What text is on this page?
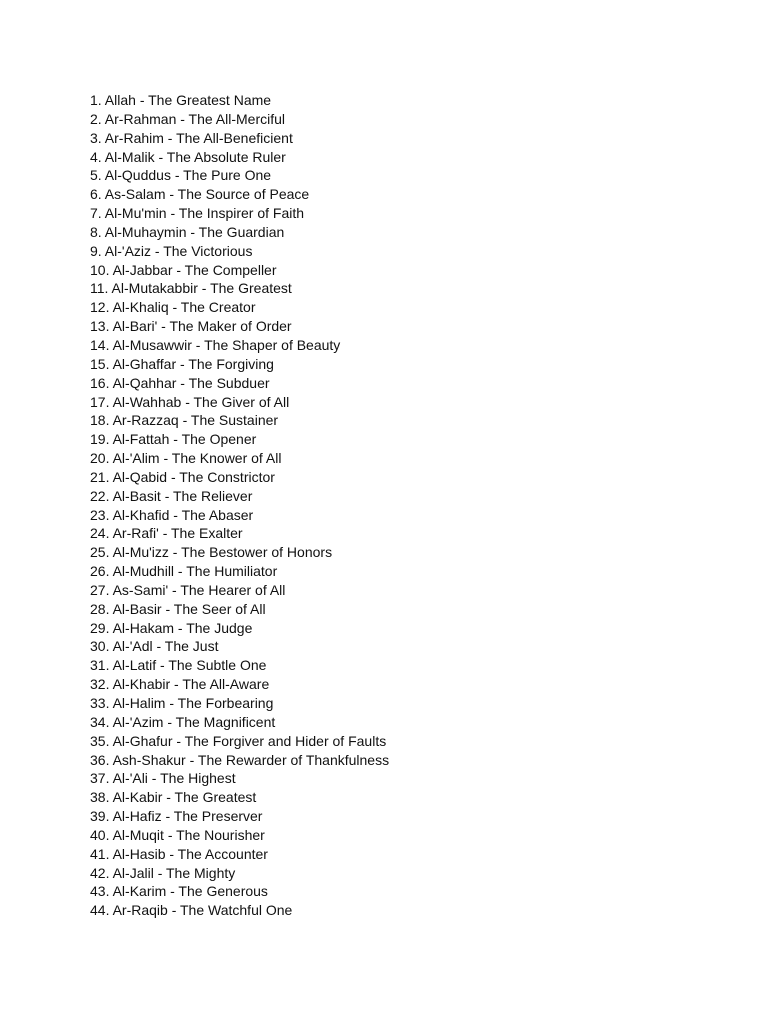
1. Allah - The Greatest Name
2. Ar-Rahman - The All-Merciful
3. Ar-Rahim - The All-Beneficient
4. Al-Malik - The Absolute Ruler
5. Al-Quddus - The Pure One
6. As-Salam - The Source of Peace
7. Al-Mu'min - The Inspirer of Faith
8. Al-Muhaymin - The Guardian
9. Al-'Aziz - The Victorious
10. Al-Jabbar - The Compeller
11. Al-Mutakabbir - The Greatest
12. Al-Khaliq - The Creator
13. Al-Bari' - The Maker of Order
14. Al-Musawwir - The Shaper of Beauty
15. Al-Ghaffar - The Forgiving
16. Al-Qahhar - The Subduer
17. Al-Wahhab - The Giver of All
18. Ar-Razzaq - The Sustainer
19. Al-Fattah - The Opener
20. Al-'Alim - The Knower of All
21. Al-Qabid - The Constrictor
22. Al-Basit - The Reliever
23. Al-Khafid - The Abaser
24. Ar-Rafi' - The Exalter
25. Al-Mu'izz - The Bestower of Honors
26. Al-Mudhill - The Humiliator
27. As-Sami' - The Hearer of All
28. Al-Basir - The Seer of All
29. Al-Hakam - The Judge
30. Al-'Adl - The Just
31. Al-Latif - The Subtle One
32. Al-Khabir - The All-Aware
33. Al-Halim - The Forbearing
34. Al-'Azim - The Magnificent
35. Al-Ghafur - The Forgiver and Hider of Faults
36. Ash-Shakur - The Rewarder of Thankfulness
37. Al-'Ali - The Highest
38. Al-Kabir - The Greatest
39. Al-Hafiz - The Preserver
40. Al-Muqit - The Nourisher
41. Al-Hasib - The Accounter
42. Al-Jalil - The Mighty
43. Al-Karim - The Generous
44. Ar-Raqib - The Watchful One
